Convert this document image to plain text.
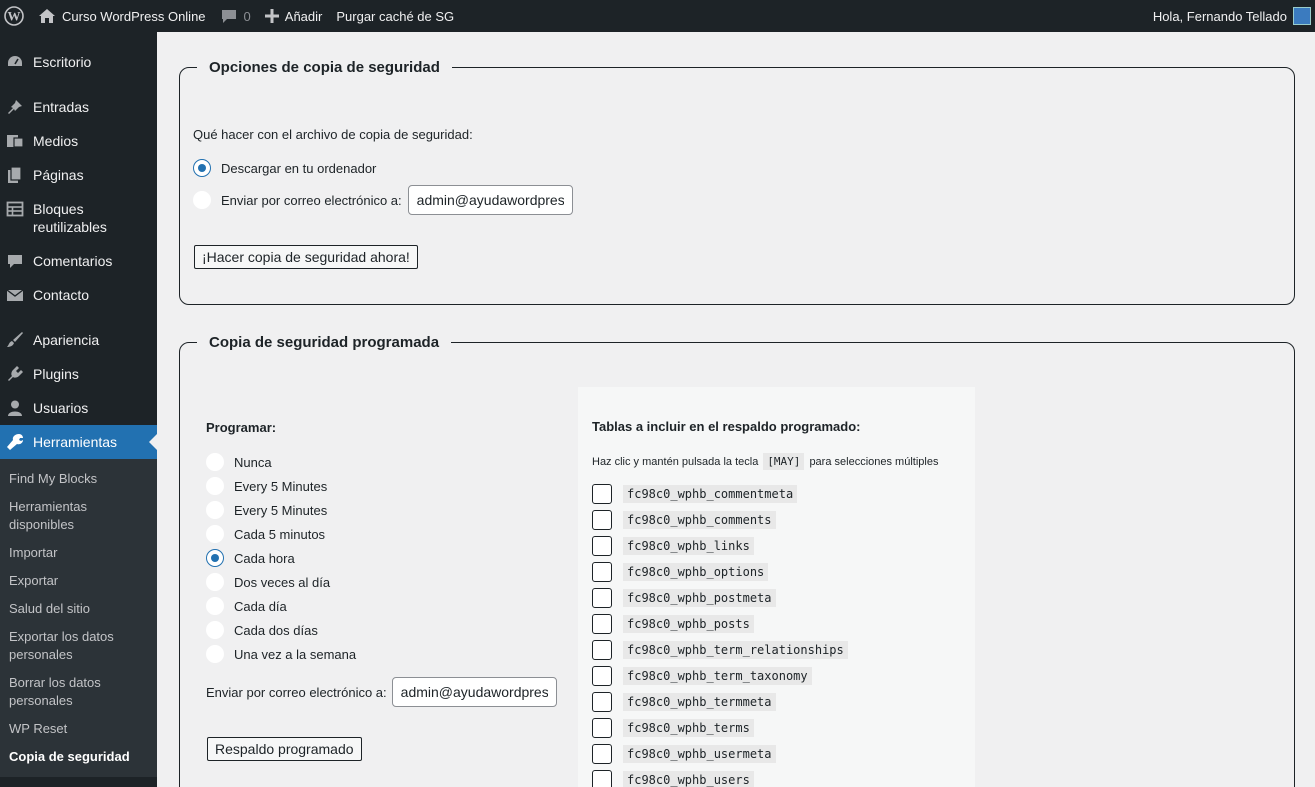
W	Curso WordPress Online	0	Añadir Purgar caché de SG	Hola, Fernando Tellado
Escritorio
Entradas
Medios
Páginas
Bloques reutilizables
Comentarios
Contacto
Apariencia
Plugins
Usuarios
Herramientas
Find My Blocks
Herramientas disponibles
Importar
Exportar
Salud del sitio
Exportar los datos personales
Borrar los datos personales
WP Reset
Copia de seguridad
Opciones de copia de seguridad
Qué hacer con el archivo de copia de seguridad:
Descargar en tu ordenador
Enviar por correo electrónico a:
admin@ayudawordpres
¡Hacer copia de seguridad ahora!
Copia de seguridad programada
Programar:
Nunca
Every 5 Minutes
Every 5 Minutes
Cada 5 minutos
Cada hora
Dos veces al día
Cada día
Cada dos días
Una vez a la semana
Enviar por correo electrónico a:
admin@ayudawordpres
Respaldo programado
Tablas a incluir en el respaldo programado:
Haz clic y mantén pulsada la tecla [MAY] para selecciones múltiples
fc98c0_wphb_commentmeta
fc98c0_wphb_comments
fc98c0_wphb_links
fc98c0_wphb_options
fc98c0_wphb_postmeta
fc98c0_wphb_posts
fc98c0_wphb_term_relationships
fc98c0_wphb_term_taxonomy
fc98c0_wphb_termmeta
fc98c0_wphb_terms
fc98c0_wphb_usermeta
fc98c0_wphb_users
